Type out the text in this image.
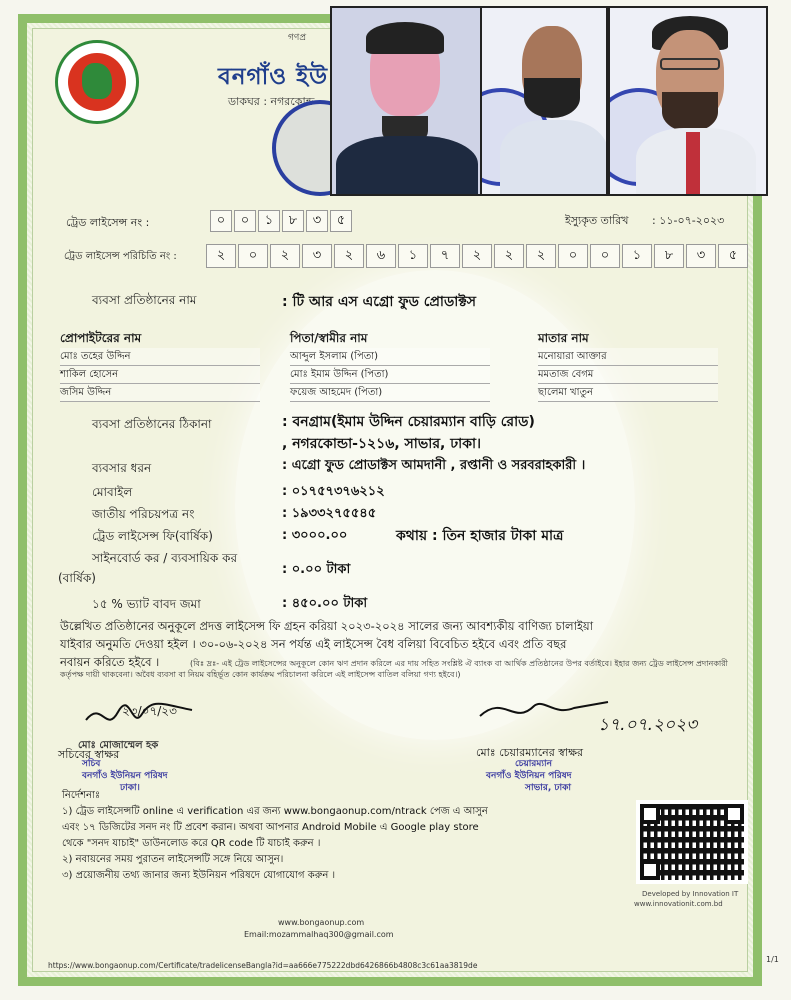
গণপ্র
বনগাঁও ইউ
ডাকঘর : নগরকোন্ড
ট্রেড লাইসেন্স নং :	০	০	১	৮	৩	৫	ইস্যুকৃত তারিখ : ১১-০৭-২০২৩
ট্রেড লাইসেন্স পরিচিতি নং :	২	০	২	৩	২	৬	১	৭	২	২	২	০	০	১	৮	৩	৫
ব্যবসা প্রতিষ্ঠানের নাম	: টি আর এস এগ্রো ফুড প্রোডাক্টস
প্রোপাইটরের নাম	পিতা/স্বামীর নাম	মাতার নাম
মোঃ তহের উদ্দিন	আব্দুল ইসলাম (পিতা)	মনোয়ারা আক্তার
শাকিল হোসেন	মোঃ ইমাম উদ্দিন (পিতা)	মমতাজ বেগম
জসিম উদ্দিন	ফয়েজ আহমেদ (পিতা)	ছালেমা খাতুন
ব্যবসা প্রতিষ্ঠানের ঠিকানা	: বনগ্রাম(ইমাম উদ্দিন চেয়ারম্যান বাড়ি রোড)
, নগরকোন্ডা-১২১৬, সাভার, ঢাকা।
ব্যবসার ধরন	: এগ্রো ফুড প্রোডাক্টস আমদানী , রপ্তানী ও সরবরাহকারী ।
মোবাইল	: ০১৭৫৭৩৭৬২১২
জাতীয় পরিচয়পত্র নং	: ১৯৩৩২৭৫৫৪৫
ট্রেড লাইসেন্স ফি(বার্ষিক)	: ৩০০০.০০	কথায় : তিন হাজার টাকা মাত্র
সাইনবোর্ড কর / ব্যবসায়িক কর
(বার্ষিক)
: ০.০০ টাকা
১৫ % ভ্যাট বাবদ জমা	: ৪৫০.০০ টাকা
উল্লেখিত প্রতিষ্ঠানের অনুকূলে প্রদত্ত লাইসেন্স ফি গ্রহন করিয়া ২০২৩-২০২৪ সালের জন্য আবশ্যকীয় বাণিজ্য চালাইয়া
যাইবার অনুমতি দেওয়া হইল । ৩০-০৬-২০২৪ সন পর্যন্ত এই লাইসেন্স বৈধ বলিয়া বিবেচিত হইবে এবং প্রতি বছর
নবায়ন করিতে হইবে ।	(বিঃ দ্রঃ- এই ট্রেড লাইসেন্সের অনুকূলে কোন ঋণ প্রদান করিলে এর দায় সহিত সংশ্লিষ্ট ঐ ব্যাংক বা আর্থিক প্রতিষ্ঠানের উপর বর্তাইবে। ইহার জন্য ট্রেড লাইসেন্স প্রদানকারী কর্তৃপক্ষ দায়ী থাকবেনা। অবৈধ ব্যবসা বা নিয়ম বহির্ভূত কোন কার্যক্রম পরিচালনা করিলে এই লাইসেন্স বাতিল বলিয়া গণ্য হইবে।)
২৩/০৭/২৩
মোঃ মোজাম্মেল হক
সচিবের স্বাক্ষর
সচিব
বনগাঁও ইউনিয়ন পরিষদ
ঢাকা।
১৭.০৭.২০২৩
মোঃ চেয়ারম্যানের স্বাক্ষর
চেয়ারম্যান
বনগাঁও ইউনিয়ন পরিষদ
সাভার, ঢাকা
নির্দেশনাঃ
১) ট্রেড লাইসেন্সটি online এ verification এর জন্য www.bongaonup.com/ntrack পেজ এ আসুন
এবং ১৭ ডিজিটের সনদ নং টি প্রবেশ করান। অথবা আপনার Android Mobile এ Google play store
থেকে "সনদ যাচাই" ডাউনলোড করে QR code টি যাচাই করুন ।
২) নবায়নের সময় পুরাতন লাইসেন্সটি সঙ্গে নিয়ে আসুন।
৩) প্রয়োজনীয় তথ্য জানার জন্য ইউনিয়ন পরিষদে যোগাযোগ করুন ।
Developed by Innovation IT
www.innovationit.com.bd
www.bongaonup.com
Email:mozammalhaq300@gmail.com
https://www.bongaonup.com/Certificate/tradelicenseBangla?id=aa666e775222dbd6426866b4808c3c61aa3819de
1/1
